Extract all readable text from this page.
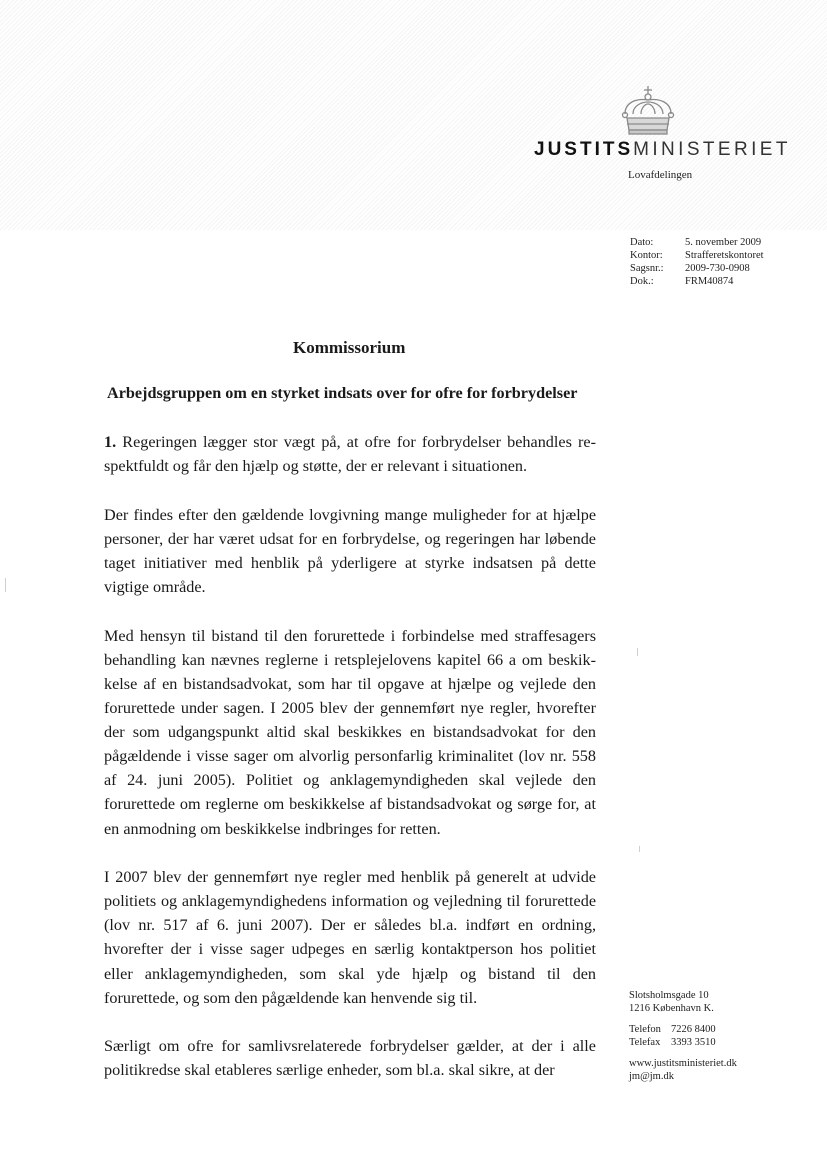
JUSTITSMINISTERIET
Lovafdelingen
Dato:	5. november 2009
Kontor:	Strafferetskontoret
Sagsnr.:	2009-730-0908
Dok.:	FRM40874
Kommissorium
Arbejdsgruppen om en styrket indsats over for ofre for forbrydelser

1. Regeringen lægger stor vægt på, at ofre for forbrydelser behandles respektfuldt og får den hjælp og støtte, der er relevant i situationen.

Der findes efter den gældende lovgivning mange muligheder for at hjælpe personer, der har været udsat for en forbrydelse, og regeringen har løbende taget initiativer med henblik på yderligere at styrke indsatsen på dette vigtige område.

Med hensyn til bistand til den forurettede i forbindelse med straffesagers behandling kan nævnes reglerne i retsplejelovens kapitel 66 a om beskikkelse af en bistandsadvokat, som har til opgave at hjælpe og vejlede den forurettede under sagen. I 2005 blev der gennemført nye regler, hvorefter der som udgangspunkt altid skal beskikkes en bistandsadvokat for den pågældende i visse sager om alvorlig personfarlig kriminalitet (lov nr. 558 af 24. juni 2005). Politiet og anklagemyndigheden skal vejlede den forurettede om reglerne om beskikkelse af bistandsadvokat og sørge for, at en anmodning om beskikkelse indbringes for retten.

I 2007 blev der gennemført nye regler med henblik på generelt at udvide politiets og anklagemyndighedens information og vejledning til forurettede (lov nr. 517 af 6. juni 2007). Der er således bl.a. indført en ordning, hvorefter der i visse sager udpeges en særlig kontaktperson hos politiet eller anklagemyndigheden, som skal yde hjælp og bistand til den forurettede, og som den pågældende kan henvende sig til.

Særligt om ofre for samlivsrelaterede forbrydelser gælder, at der i alle politikredse skal etableres særlige enheder, som bl.a. skal sikre, at der

Slotsholmsgade 10
1216 København K.
Telefon 7226 8400
Telefax	3393 3510
www.justitsministeriet.dk
jm@jm.dk
